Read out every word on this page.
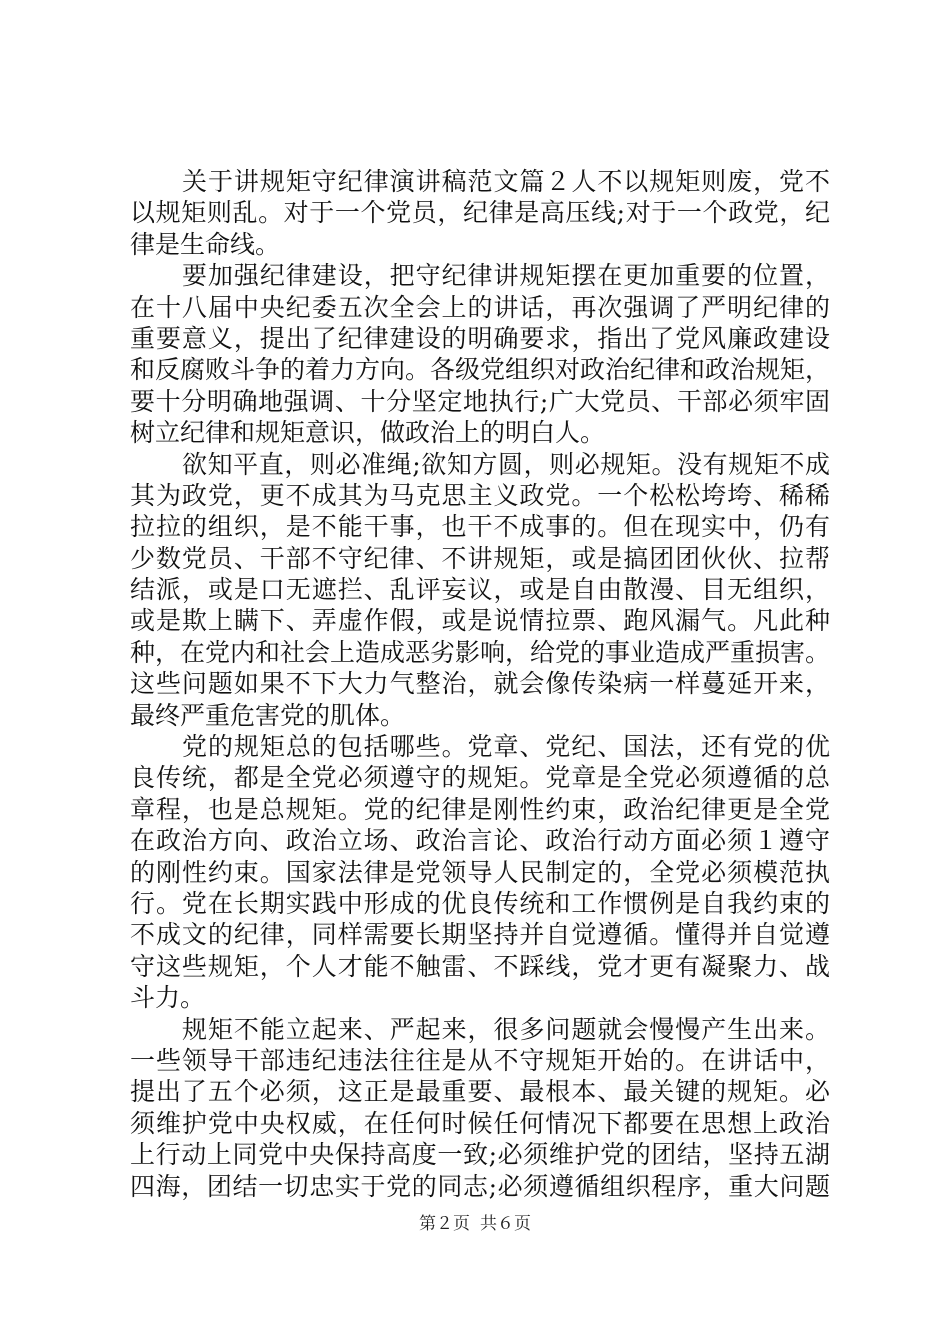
关于讲规矩守纪律演讲稿范文篇２人不以规矩则废，党不
以规矩则乱。对于一个党员，纪律是高压线;对于一个政党，纪
律是生命线。
要加强纪律建设，把守纪律讲规矩摆在更加重要的位置，
在十八届中央纪委五次全会上的讲话，再次强调了严明纪律的
重要意义，提出了纪律建设的明确要求，指出了党风廉政建设
和反腐败斗争的着力方向。各级党组织对政治纪律和政治规矩，
要十分明确地强调、十分坚定地执行;广大党员、干部必须牢固
树立纪律和规矩意识，做政治上的明白人。
欲知平直，则必准绳;欲知方圆，则必规矩。没有规矩不成
其为政党，更不成其为马克思主义政党。一个松松垮垮、稀稀
拉拉的组织，是不能干事，也干不成事的。但在现实中，仍有
少数党员、干部不守纪律、不讲规矩，或是搞团团伙伙、拉帮
结派，或是口无遮拦、乱评妄议，或是自由散漫、目无组织，
或是欺上瞒下、弄虚作假，或是说情拉票、跑风漏气。凡此种
种，在党内和社会上造成恶劣影响，给党的事业造成严重损害。
这些问题如果不下大力气整治，就会像传染病一样蔓延开来，
最终严重危害党的肌体。
党的规矩总的包括哪些。党章、党纪、国法，还有党的优
良传统，都是全党必须遵守的规矩。党章是全党必须遵循的总
章程，也是总规矩。党的纪律是刚性约束，政治纪律更是全党
在政治方向、政治立场、政治言论、政治行动方面必须１遵守
的刚性约束。国家法律是党领导人民制定的，全党必须模范执
行。党在长期实践中形成的优良传统和工作惯例是自我约束的
不成文的纪律，同样需要长期坚持并自觉遵循。懂得并自觉遵
守这些规矩，个人才能不触雷、不踩线，党才更有凝聚力、战
斗力。
规矩不能立起来、严起来，很多问题就会慢慢产生出来。
一些领导干部违纪违法往往是从不守规矩开始的。在讲话中，
提出了五个必须，这正是最重要、最根本、最关键的规矩。必
须维护党中央权威，在任何时候任何情况下都要在思想上政治
上行动上同党中央保持高度一致;必须维护党的团结，坚持五湖
四海，团结一切忠实于党的同志;必须遵循组织程序，重大问题
第２页 共６页
